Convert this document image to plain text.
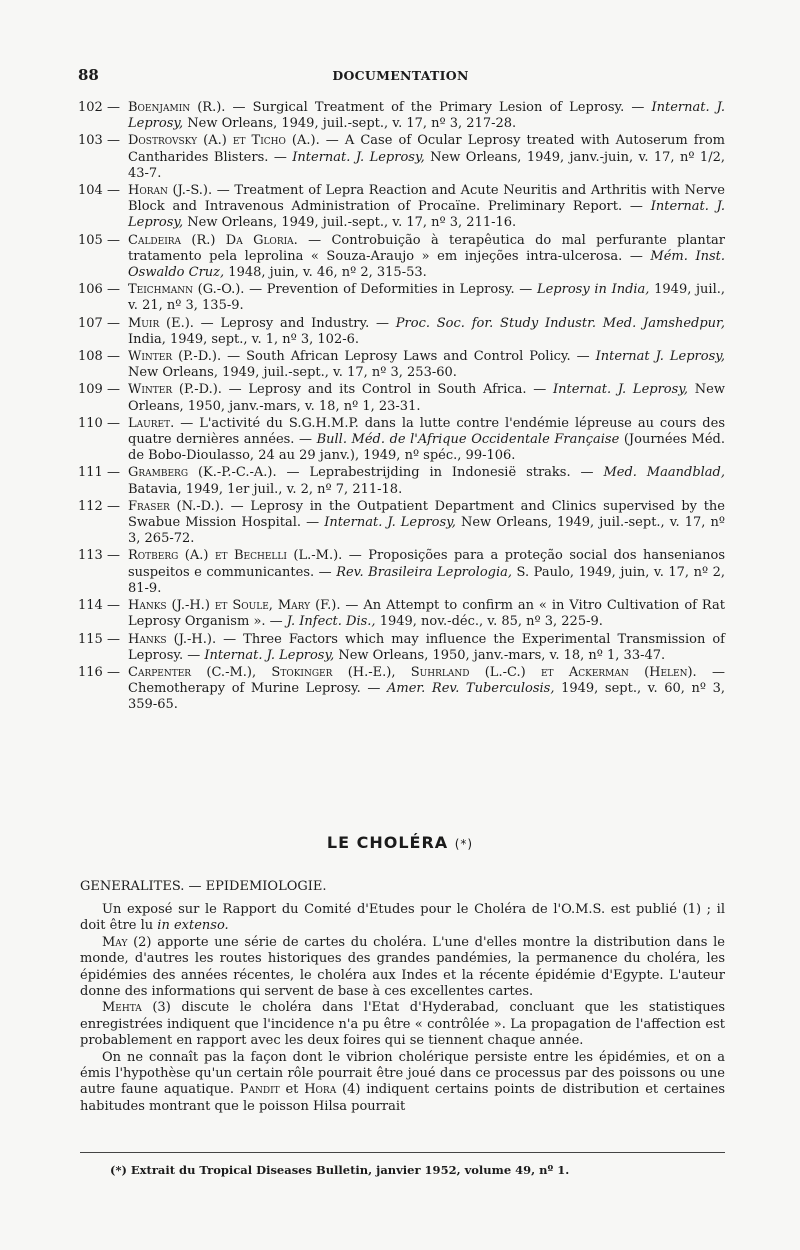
88	DOCUMENTATION
102 — Boenjamin (R.). — Surgical Treatment of the Primary Lesion of Leprosy. — Internat. J. Leprosy, New Orleans, 1949, juil.-sept., v. 17, nº 3, 217-28.
103 — Dostrovsky (A.) et Ticho (A.). — A Case of Ocular Leprosy treated with Autoserum from Cantharides Blisters. — Internat. J. Leprosy, New Orleans, 1949, janv.-juin, v. 17, nº 1/2, 43-7.
104 — Horan (J.-S.). — Treatment of Lepra Reaction and Acute Neuritis and Arthritis with Nerve Block and Intravenous Administration of Procaïne. Preliminary Report. — Internat. J. Leprosy, New Orleans, 1949, juil.-sept., v. 17, nº 3, 211-16.
105 — Caldeira (R.) Da Gloria. — Controbuição à terapêutica do mal perfurante plantar tratamento pela leprolina « Souza-Araujo » em injeções intra-ulcerosa. — Mém. Inst. Oswaldo Cruz, 1948, juin, v. 46, nº 2, 315-53.
106 — Teichmann (G.-O.). — Prevention of Deformities in Leprosy. — Leprosy in India, 1949, juil., v. 21, nº 3, 135-9.
107 — Muir (E.). — Leprosy and Industry. — Proc. Soc. for. Study Industr. Med. Jamshedpur, India, 1949, sept., v. 1, nº 3, 102-6.
108 — Winter (P.-D.). — South African Leprosy Laws and Control Policy. — Internat J. Leprosy, New Orleans, 1949, juil.-sept., v. 17, nº 3, 253-60.
109 — Winter (P.-D.). — Leprosy and its Control in South Africa. — Internat. J. Leprosy, New Orleans, 1950, janv.-mars, v. 18, nº 1, 23-31.
110 — Lauret. — L'activité du S.G.H.M.P. dans la lutte contre l'endémie lépreuse au cours des quatre dernières années. — Bull. Méd. de l'Afrique Occidentale Française (Journées Méd. de Bobo-Dioulasso, 24 au 29 janv.), 1949, nº spéc., 99-106.
111 — Gramberg (K.-P.-C.-A.). — Leprabestrijding in Indonesië straks. — Med. Maandblad, Batavia, 1949, 1er juil., v. 2, nº 7, 211-18.
112 — Fraser (N.-D.). — Leprosy in the Outpatient Department and Clinics supervised by the Swabue Mission Hospital. — Internat. J. Leprosy, New Orleans, 1949, juil.-sept., v. 17, nº 3, 265-72.
113 — Rotberg (A.) et Bechelli (L.-M.). — Proposições para a proteção social dos hansenianos suspeitos e communicantes. — Rev. Brasileira Leprologia, S. Paulo, 1949, juin, v. 17, nº 2, 81-9.
114 — Hanks (J.-H.) et Soule, Mary (F.). — An Attempt to confirm an « in Vitro Cultivation of Rat Leprosy Organism ». — J. Infect. Dis., 1949, nov.-déc., v. 85, nº 3, 225-9.
115 — Hanks (J.-H.). — Three Factors which may influence the Experimental Transmission of Leprosy. — Internat. J. Leprosy, New Orleans, 1950, janv.-mars, v. 18, nº 1, 33-47.
116 — Carpenter (C.-M.), Stokinger (H.-E.), Suhrland (L.-C.) et Ackerman (Helen). — Chemotherapy of Murine Leprosy. — Amer. Rev. Tuberculosis, 1949, sept., v. 60, nº 3, 359-65.
LE CHOLÉRA (*)
GENERALITES. — EPIDEMIOLOGIE.

Un exposé sur le Rapport du Comité d'Etudes pour le Choléra de l'O.M.S. est publié (1) ; il doit être lu in extenso.

May (2) apporte une série de cartes du choléra. L'une d'elles montre la distribution dans le monde, d'autres les routes historiques des grandes pandémies, la permanence du choléra, les épidémies des années récentes, le choléra aux Indes et la récente épidémie d'Egypte. L'auteur donne des informations qui servent de base à ces excellentes cartes.

Mehta (3) discute le choléra dans l'Etat d'Hyderabad, concluant que les statistiques enregistrées indiquent que l'incidence n'a pu être « contrôlée ». La propagation de l'affection est probablement en rapport avec les deux foires qui se tiennent chaque année.

On ne connaît pas la façon dont le vibrion cholérique persiste entre les épidémies, et on a émis l'hypothèse qu'un certain rôle pourrait être joué dans ce processus par des poissons ou une autre faune aquatique. Pandit et Hora (4) indiquent certains points de distribution et certaines habitudes montrant que le poisson Hilsa pourrait

(*) Extrait du Tropical Diseases Bulletin, janvier 1952, volume 49, nº 1.
